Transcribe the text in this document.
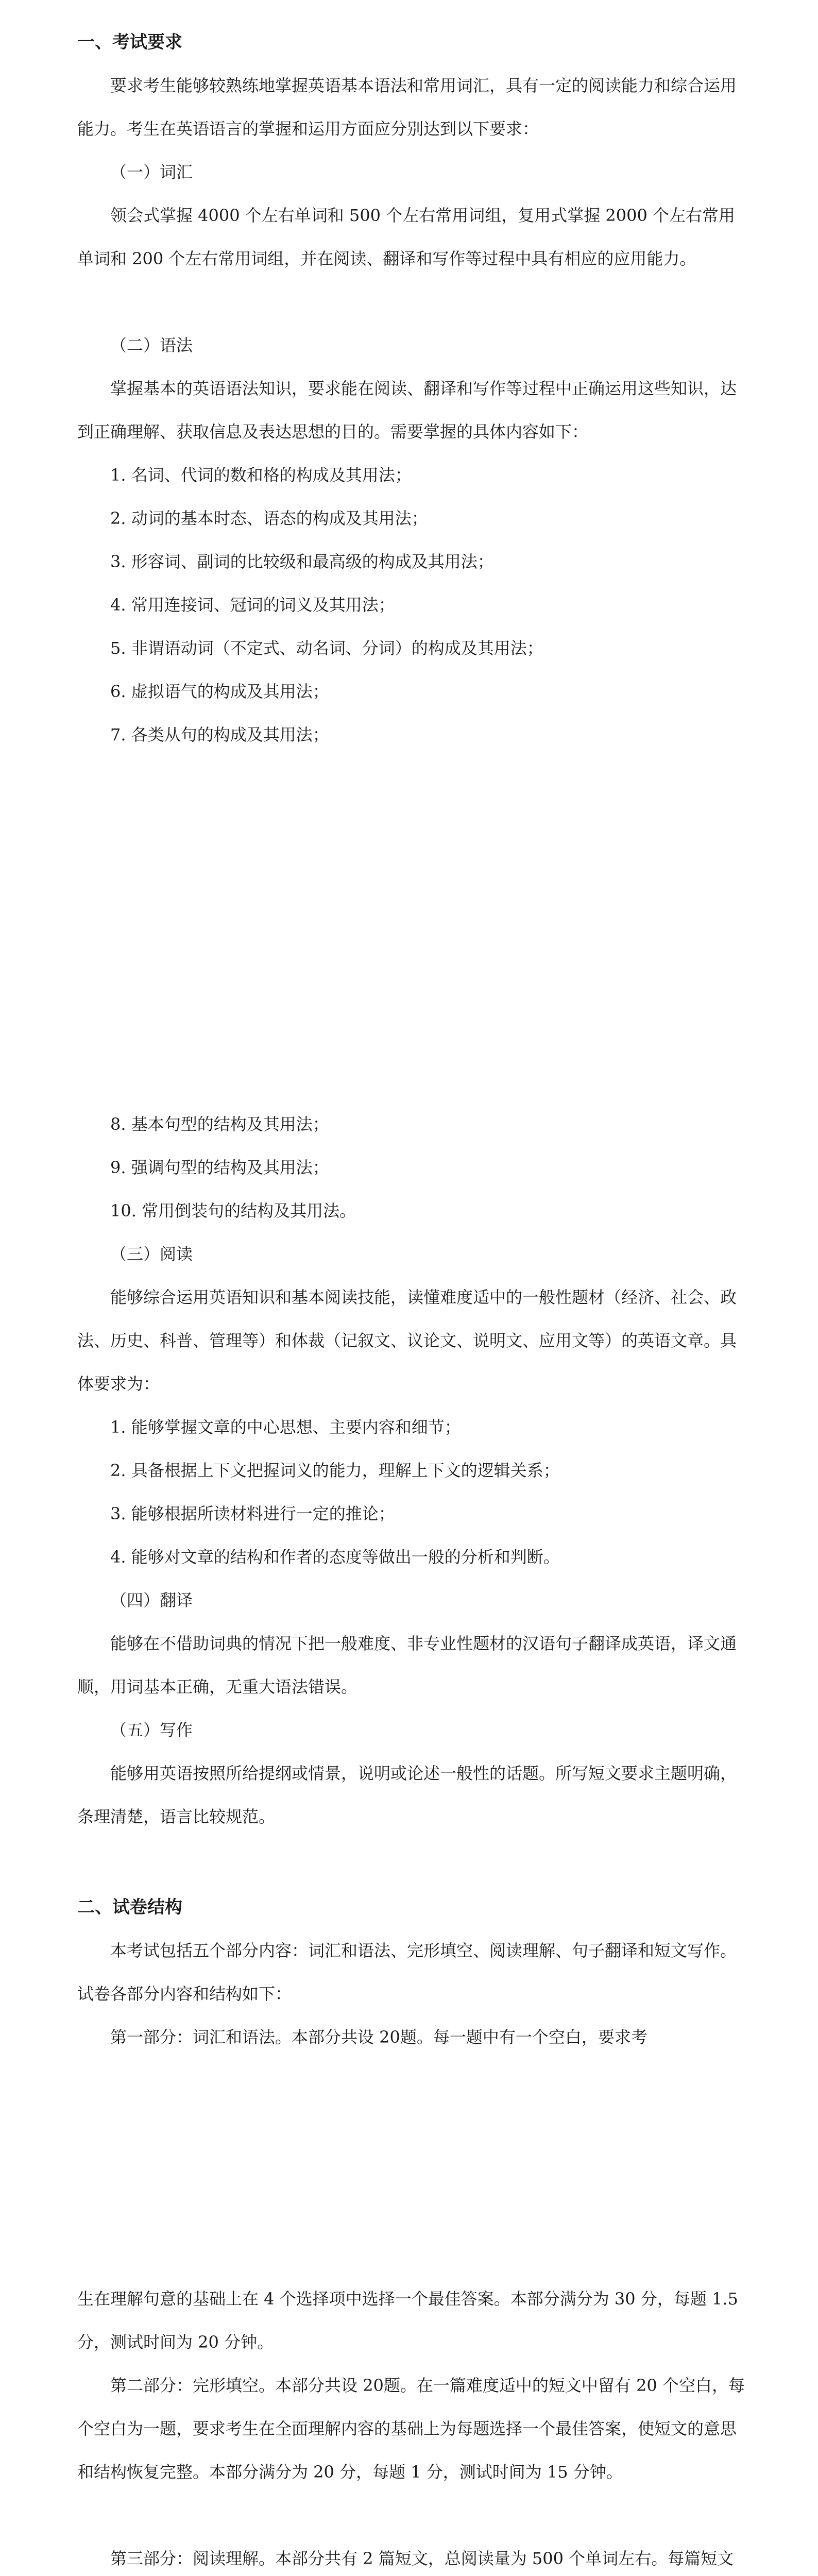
一、考试要求

要求考生能够较熟练地掌握英语基本语法和常用词汇，具有一定的阅读能力和综合运用能力。考生在英语语言的掌握和运用方面应分别达到以下要求：

（一）词汇

领会式掌握 4000 个左右单词和 500 个左右常用词组，复用式掌握 2000 个左右常用单词和 200 个左右常用词组，并在阅读、翻译和写作等过程中具有相应的应用能力。

（二）语法

掌握基本的英语语法知识，要求能在阅读、翻译和写作等过程中正确运用这些知识，达到正确理解、获取信息及表达思想的目的。需要掌握的具体内容如下：

1. 名词、代词的数和格的构成及其用法；

2. 动词的基本时态、语态的构成及其用法；

3. 形容词、副词的比较级和最高级的构成及其用法；

4. 常用连接词、冠词的词义及其用法；

5. 非谓语动词（不定式、动名词、分词）的构成及其用法；

6. 虚拟语气的构成及其用法；

7. 各类从句的构成及其用法；

8. 基本句型的结构及其用法；

9. 强调句型的结构及其用法；

10. 常用倒装句的结构及其用法。

（三）阅读

能够综合运用英语知识和基本阅读技能，读懂难度适中的一般性题材（经济、社会、政法、历史、科普、管理等）和体裁（记叙文、议论文、说明文、应用文等）的英语文章。具体要求为：

1. 能够掌握文章的中心思想、主要内容和细节；

2. 具备根据上下文把握词义的能力，理解上下文的逻辑关系；

3. 能够根据所读材料进行一定的推论；

4. 能够对文章的结构和作者的态度等做出一般的分析和判断。

（四）翻译

能够在不借助词典的情况下把一般难度、非专业性题材的汉语句子翻译成英语，译文通顺，用词基本正确，无重大语法错误。

（五）写作

能够用英语按照所给提纲或情景，说明或论述一般性的话题。所写短文要求主题明确，条理清楚，语言比较规范。

二、试卷结构

本考试包括五个部分内容：词汇和语法、完形填空、阅读理解、句子翻译和短文写作。试卷各部分内容和结构如下：

第一部分：词汇和语法。本部分共设 20题。每一题中有一个空白，要求考

生在理解句意的基础上在 4 个选择项中选择一个最佳答案。本部分满分为 30 分，每题 1.5 分，测试时间为 20 分钟。

第二部分：完形填空。本部分共设 20题。在一篇难度适中的短文中留有 20 个空白，每个空白为一题，要求考生在全面理解内容的基础上为每题选择一个最佳答案，使短文的意思和结构恢复完整。本部分满分为 20 分，每题 1 分，测试时间为 15 分钟。

第三部分：阅读理解。本部分共有 2 篇短文，总阅读量为 500 个单词左右。每篇短文
